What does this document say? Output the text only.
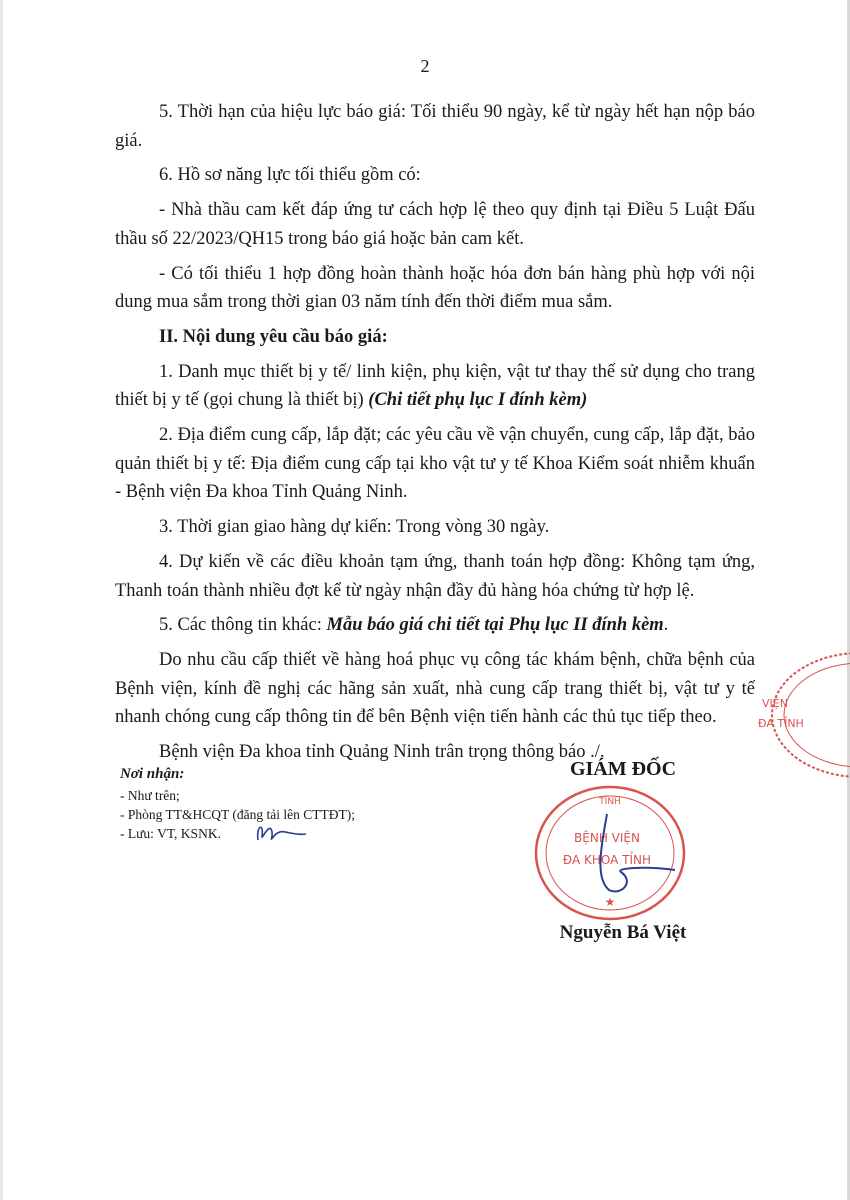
2

5. Thời hạn của hiệu lực báo giá: Tối thiểu 90 ngày, kể từ ngày hết hạn nộp báo giá.

6. Hồ sơ năng lực tối thiểu gồm có:

- Nhà thầu cam kết đáp ứng tư cách hợp lệ theo quy định tại Điều 5 Luật Đấu thầu số 22/2023/QH15 trong báo giá hoặc bản cam kết.

- Có tối thiểu 1 hợp đồng hoàn thành hoặc hóa đơn bán hàng phù hợp với nội dung mua sắm trong thời gian 03 năm tính đến thời điểm mua sắm.

II. Nội dung yêu cầu báo giá:

1. Danh mục thiết bị y tế/ linh kiện, phụ kiện, vật tư thay thế sử dụng cho trang thiết bị y tế (gọi chung là thiết bị) (Chi tiết phụ lục I đính kèm)

2. Địa điểm cung cấp, lắp đặt; các yêu cầu về vận chuyển, cung cấp, lắp đặt, bảo quản thiết bị y tế: Địa điểm cung cấp tại kho vật tư y tế Khoa Kiểm soát nhiễm khuẩn - Bệnh viện Đa khoa Tỉnh Quảng Ninh.

3. Thời gian giao hàng dự kiến: Trong vòng 30 ngày.

4. Dự kiến về các điều khoản tạm ứng, thanh toán hợp đồng: Không tạm ứng, Thanh toán thành nhiều đợt kể từ ngày nhận đầy đủ hàng hóa chứng từ hợp lệ.

5. Các thông tin khác: Mẫu báo giá chi tiết tại Phụ lục II đính kèm.

Do nhu cầu cấp thiết về hàng hoá phục vụ công tác khám bệnh, chữa bệnh của Bệnh viện, kính đề nghị các hãng sản xuất, nhà cung cấp trang thiết bị, vật tư y tế nhanh chóng cung cấp thông tin để bên Bệnh viện tiến hành các thủ tục tiếp theo.

Bệnh viện Đa khoa tỉnh Quảng Ninh trân trọng thông báo ./.

Nơi nhận:
- Như trên;
- Phòng TT&HCQT (đăng tải lên CTTĐT);
- Lưu: VT, KSNK.
GIÁM ĐỐC
TỈNH
★
BỆNH VIỆN
ĐA KHOA TỈNH
Nguyễn Bá Việt
VIỆN
ĐA TỈNH
